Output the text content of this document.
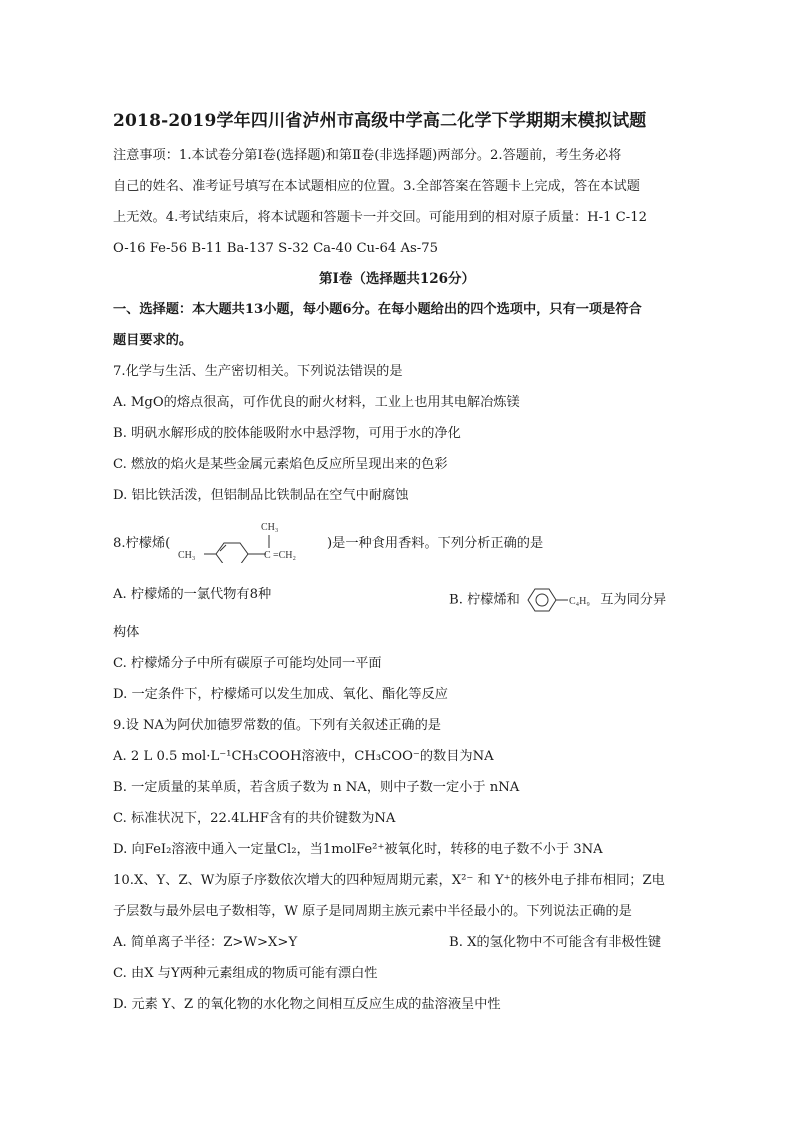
2018-2019学年四川省泸州市高级中学高二化学下学期期末模拟试题
注意事项：1.本试卷分第Ⅰ卷(选择题)和第Ⅱ卷(非选择题)两部分。2.答题前，考生务必将
自己的姓名、准考证号填写在本试题相应的位置。3.全部答案在答题卡上完成，答在本试题
上无效。4.考试结束后，将本试题和答题卡一并交回。可能用到的相对原子质量：H-1 C-12
O-16 Fe-56 B-11 Ba-137 S-32 Ca-40 Cu-64 As-75
第Ⅰ卷（选择题共126分）
一、选择题：本大题共13小题，每小题6分。在每小题给出的四个选项中，只有一项是符合
题目要求的。
7.化学与生活、生产密切相关。下列说法错误的是
A. MgO的熔点很高，可作优良的耐火材料，工业上也用其电解冶炼镁
B. 明矾水解形成的胶体能吸附水中悬浮物，可用于水的净化
C. 燃放的焰火是某些金属元素焰色反应所呈现出来的色彩
D. 铝比铁活泼，但铝制品比铁制品在空气中耐腐蚀
8.柠檬烯(
CH₃	C
CH₃
=CH₂
)是一种食用香料。下列分析正确的是
A. 柠檬烯的一氯代物有8种	B. 柠檬烯和	C₄H₉ 互为同分异
构体
C. 柠檬烯分子中所有碳原子可能均处同一平面
D. 一定条件下，柠檬烯可以发生加成、氧化、酯化等反应
9.设 NA为阿伏加德罗常数的值。下列有关叙述正确的是
A. 2 L 0.5 mol·L⁻¹CH₃COOH溶液中，CH₃COO⁻的数目为NA
B. 一定质量的某单质，若含质子数为 n NA，则中子数一定小于 nNA
C. 标准状况下，22.4LHF含有的共价键数为NA
D. 向FeI₂溶液中通入一定量Cl₂，当1molFe²⁺被氧化时，转移的电子数不小于 3NA
10.X、Y、Z、W为原子序数依次增大的四种短周期元素，X²⁻ 和 Y⁺的核外电子排布相同；Z电
子层数与最外层电子数相等，W 原子是同周期主族元素中半径最小的。下列说法正确的是
A. 简单离子半径：Z>W>X>Y	B. X的氢化物中不可能含有非极性键
C. 由X 与Y两种元素组成的物质可能有漂白性
D. 元素 Y、Z 的氧化物的水化物之间相互反应生成的盐溶液呈中性
